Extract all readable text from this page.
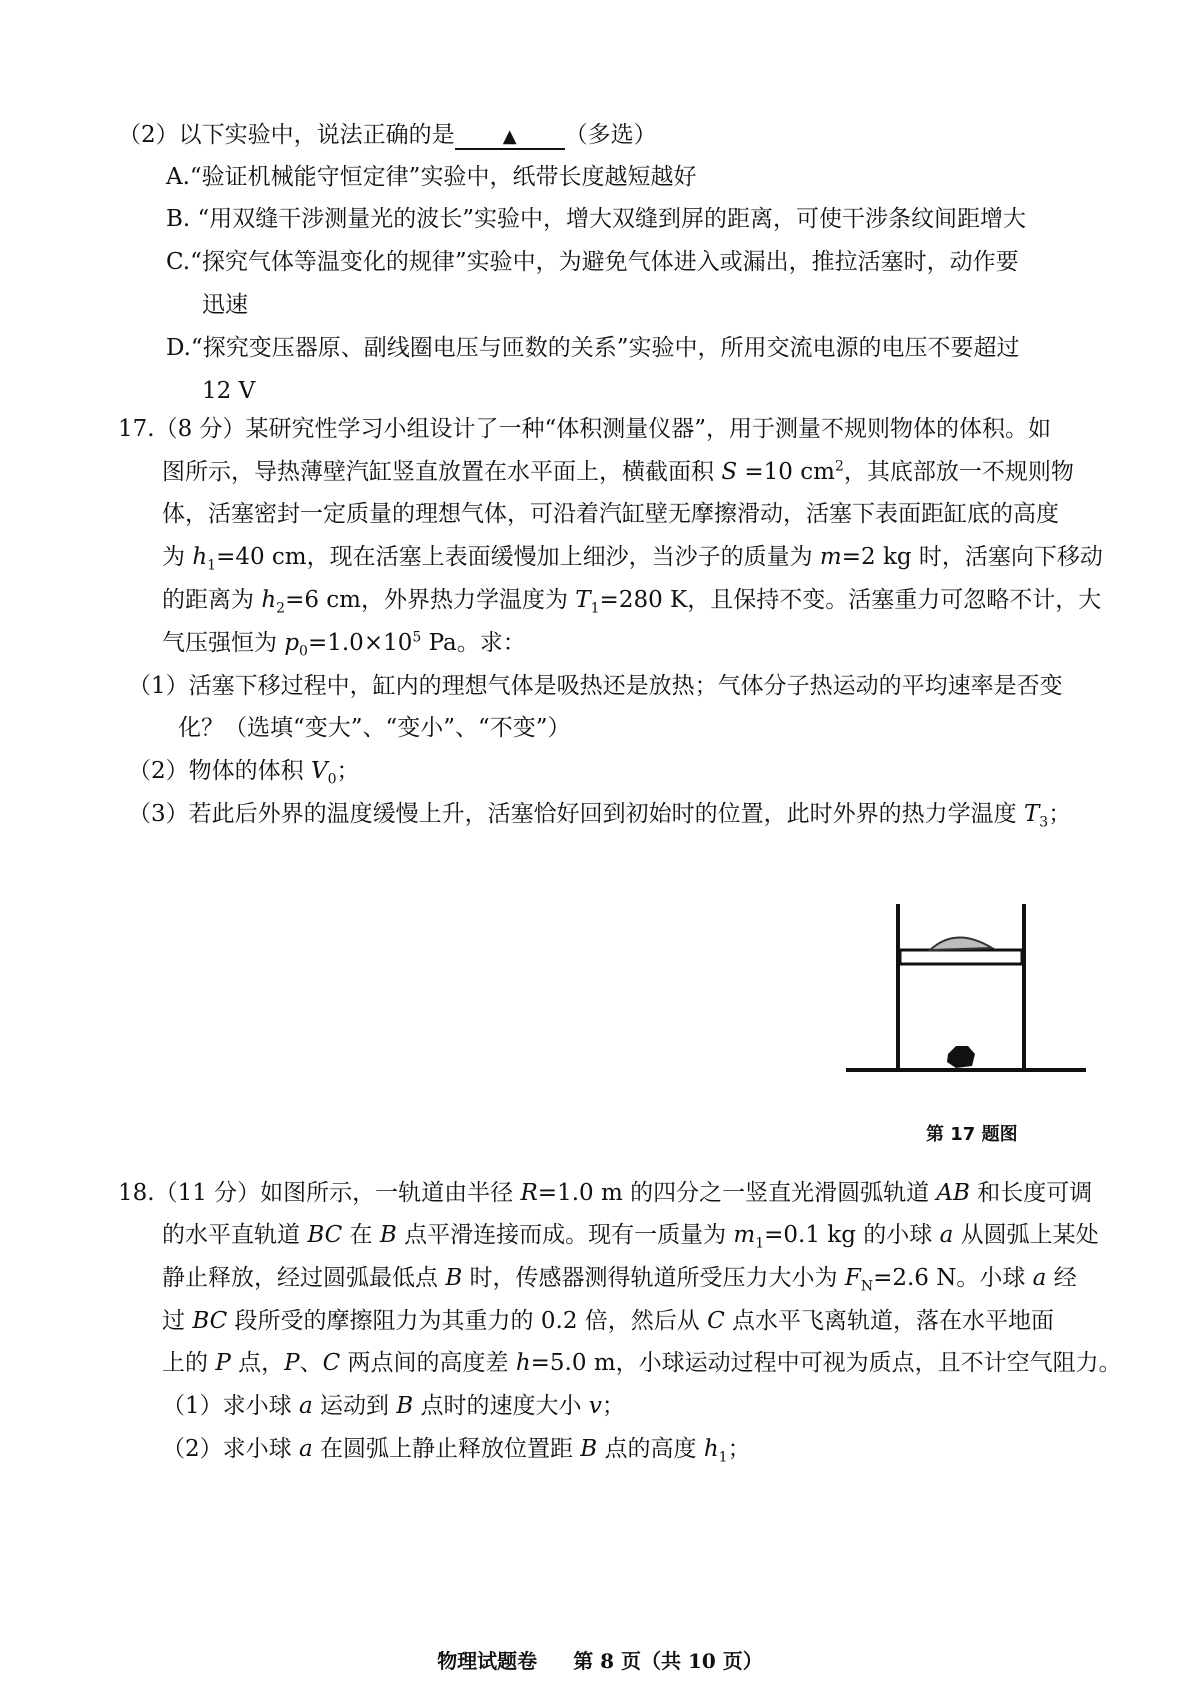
（2）以下实验中，说法正确的是	▲ （多选）
A.“验证机械能守恒定律”实验中，纸带长度越短越好
B. “用双缝干涉测量光的波长”实验中，增大双缝到屏的距离，可使干涉条纹间距增大
C.“探究气体等温变化的规律”实验中，为避免气体进入或漏出，推拉活塞时，动作要
迅速
D.“探究变压器原、副线圈电压与匝数的关系”实验中，所用交流电源的电压不要超过
12 V
17.（8 分）某研究性学习小组设计了一种“体积测量仪器”，用于测量不规则物体的体积。如
图所示，导热薄壁汽缸竖直放置在水平面上，横截面积 S =10 $cm^2$，其底部放一不规则物
体，活塞密封一定质量的理想气体，可沿着汽缸壁无摩擦滑动，活塞下表面距缸底的高度
为 $h_1=40$ cm，现在活塞上表面缓慢加上细沙，当沙子的质量为 m=2 kg 时，活塞向下移动
的距离为 $h_2=6$ cm，外界热力学温度为 $T_1=280$ K，且保持不变。活塞重力可忽略不计，大
气压强恒为 $p_0=1.0\times 10^5$ Pa。求：
（1）活塞下移过程中，缸内的理想气体是吸热还是放热；气体分子热运动的平均速率是否变
化？（选填“变大”、“变小”、“不变”）
（2）物体的体积 $V_0$；
（3）若此后外界的温度缓慢上升，活塞恰好回到初始时的位置，此时外界的热力学温度 $T_3$；
第 17 题图
18.（11 分）如图所示，一轨道由半径 R=1.0 m 的四分之一竖直光滑圆弧轨道 AB 和长度可调
的水平直轨道 BC 在 B 点平滑连接而成。现有一质量为 $m_1=0.1$ kg 的小球 a 从圆弧上某处
静止释放，经过圆弧最低点 B 时，传感器测得轨道所受压力大小为 $F_N=2.6$ N。小球 a 经
过 BC 段所受的摩擦阻力为其重力的 0.2 倍，然后从 C 点水平飞离轨道，落在水平地面
上的 P 点，P、C 两点间的高度差 h=5.0 m，小球运动过程中可视为质点，且不计空气阻力。
（1）求小球 a 运动到 B 点时的速度大小 v；
（2）求小球 a 在圆弧上静止释放位置距 B 点的高度 $h_1$；
物理试题卷 第 8 页（共 10 页）
